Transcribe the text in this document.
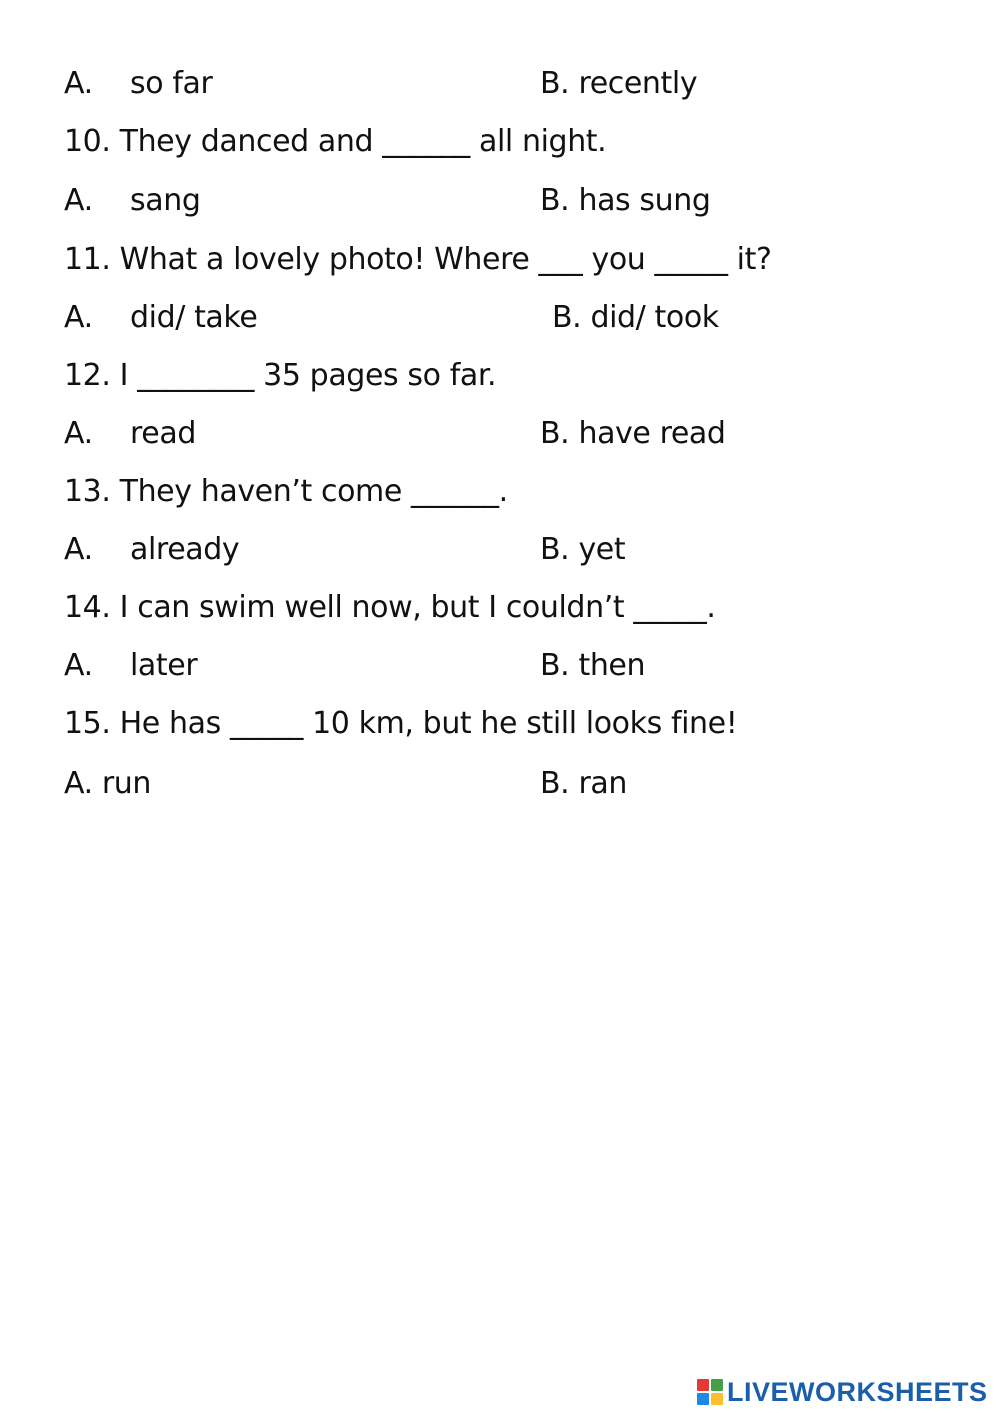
A. so far	B. recently
10. They danced and ______ all night.
A. sang	B. has sung
11. What a lovely photo! Where ___ you _____ it?
A. did/ take	B. did/ took
12. I ________ 35 pages so far.
A. read	B. have read
13. They haven’t come ______.
A. already	B. yet
14. I can swim well now, but I couldn’t _____.
A. later	B. then
15. He has _____ 10 km, but he still looks fine!
A. run	B. ran
LIVEWORKSHEETS
